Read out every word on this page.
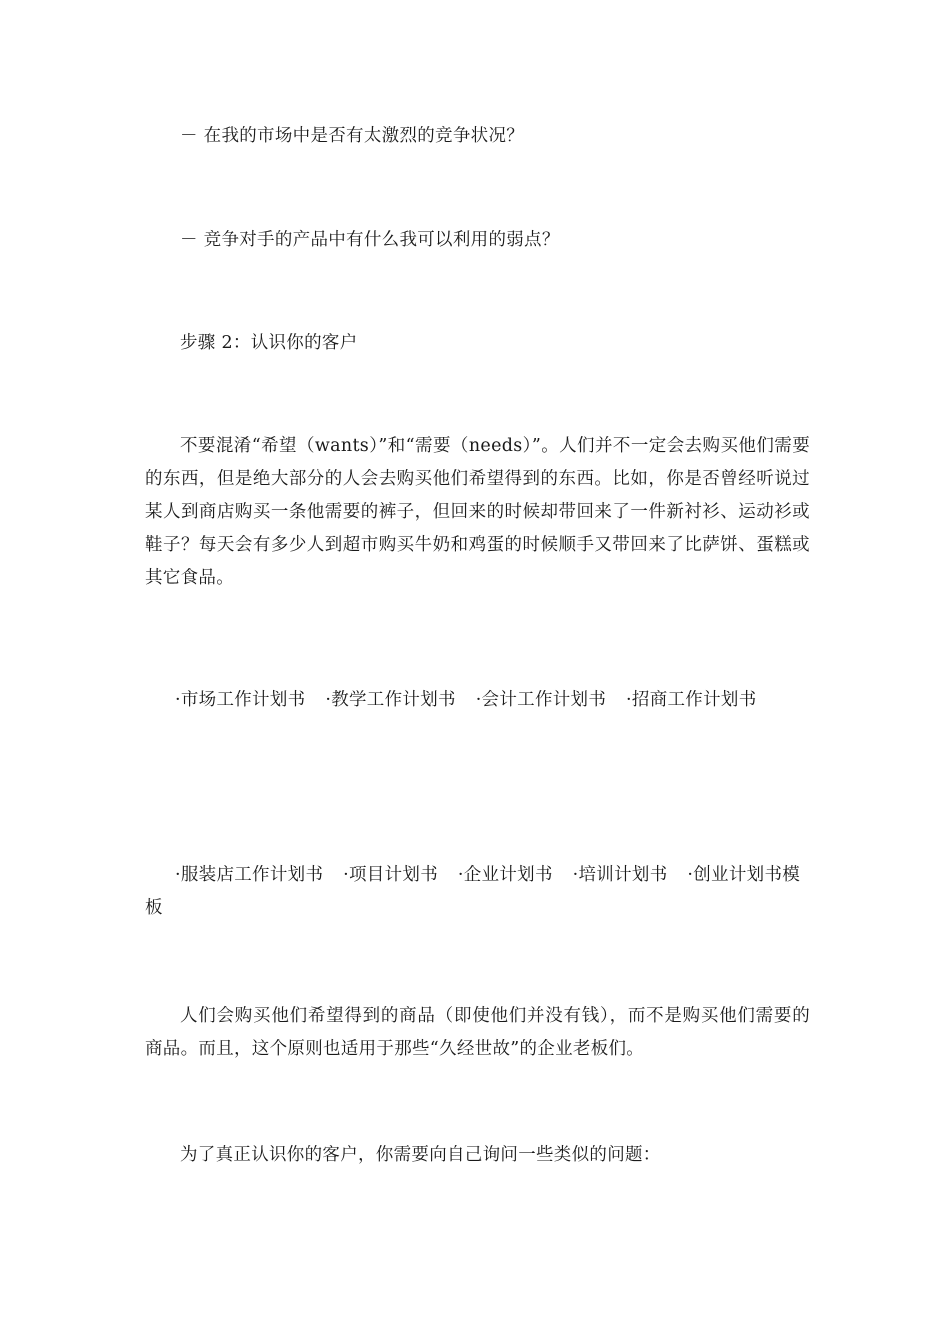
－ 在我的市场中是否有太激烈的竞争状况？

－ 竞争对手的产品中有什么我可以利用的弱点？

步骤 2：认识你的客户

不要混淆“希望（wants）”和“需要（needs）”。人们并不一定会去购买他们需要的东西，但是绝大部分的人会去购买他们希望得到的东西。比如，你是否曾经听说过某人到商店购买一条他需要的裤子，但回来的时候却带回来了一件新衬衫、运动衫或鞋子？每天会有多少人到超市购买牛奶和鸡蛋的时候顺手又带回来了比萨饼、蛋糕或其它食品。

·市场工作计划书 ·教学工作计划书 ·会计工作计划书 ·招商工作计划书

·服装店工作计划书 ·项目计划书 ·企业计划书 ·培训计划书 ·创业计划书模板

人们会购买他们希望得到的商品（即使他们并没有钱），而不是购买他们需要的商品。而且，这个原则也适用于那些“久经世故”的企业老板们。

为了真正认识你的客户，你需要向自己询问一些类似的问题：
